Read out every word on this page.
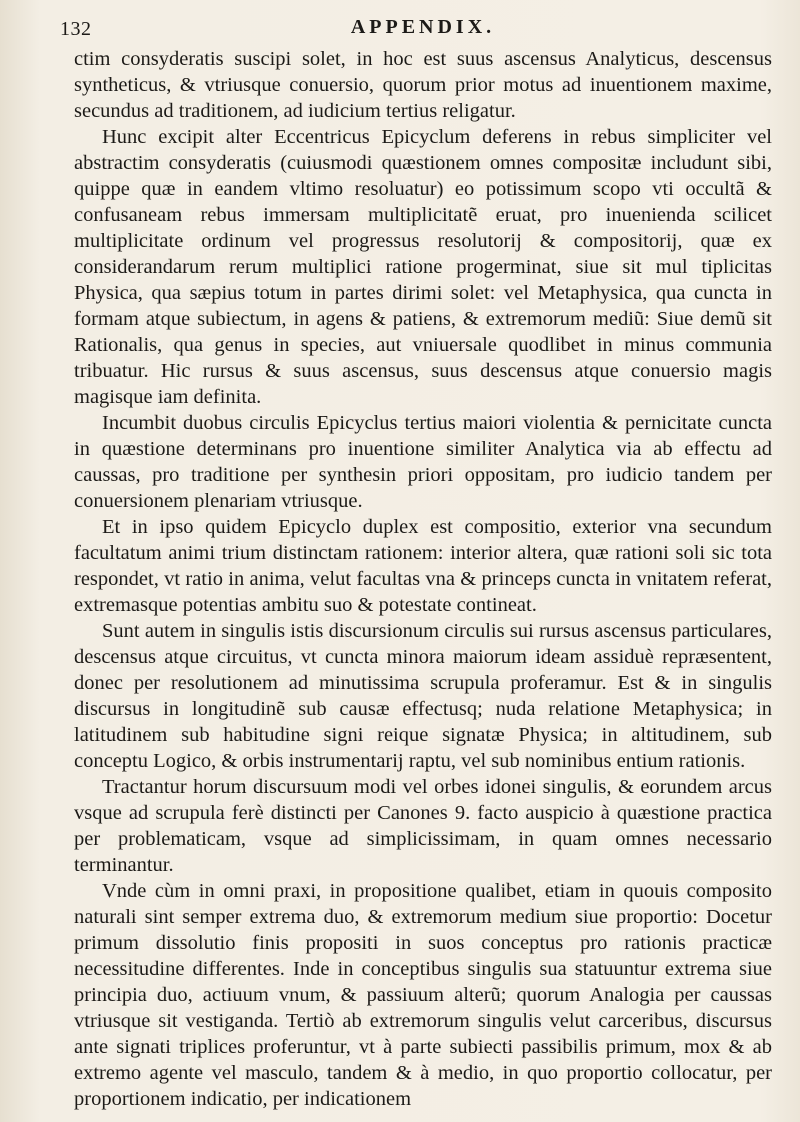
132	APPENDIX.

ctim consyderatis suscipi solet, in hoc est suus ascensus Analyticus, descensus syntheticus, & vtriusque conuersio, quorum prior motus ad inuentionem maxime, secundus ad traditionem, ad iudicium tertius religatur.

Hunc excipit alter Eccentricus Epicyclum deferens in rebus simpliciter vel abstractim consyderatis (cuiusmodi quæstionem omnes compositæ includunt sibi, quippe quæ in eandem vltimo resoluatur) eo potissimum scopo vti occultã & confusaneam rebus immersam multiplicitatẽ eruat, pro inuenienda scilicet multiplicitate ordinum vel progressus resolutorij & compositorij, quæ ex considerandarum rerum multiplici ratione progerminat, siue sit mul tiplicitas Physica, qua sæpius totum in partes dirimi solet: vel Metaphysica, qua cuncta in formam atque subiectum, in agens & patiens, & extremorum mediũ: Siue demũ sit Rationalis, qua genus in species, aut vniuersale quodlibet in minus communia tribuatur. Hic rursus & suus ascensus, suus descensus atque conuersio magis magisque iam definita.

Incumbit duobus circulis Epicyclus tertius maiori violentia & pernicitate cuncta in quæstione determinans pro inuentione similiter Analytica via ab effectu ad caussas, pro traditione per synthesin priori oppositam, pro iudicio tandem per conuersionem plenariam vtriusque.

Et in ipso quidem Epicyclo duplex est compositio, exterior vna secundum facultatum animi trium distinctam rationem: interior altera, quæ rationi soli sic tota respondet, vt ratio in anima, velut facultas vna & princeps cuncta in vnitatem referat, extremasque potentias ambitu suo & potestate contineat.

Sunt autem in singulis istis discursionum circulis sui rursus ascensus particulares, descensus atque circuitus, vt cuncta minora maiorum ideam assiduè repræsentent, donec per resolutionem ad minutissima scrupula proferamur. Est & in singulis discursus in longitudinẽ sub causæ effectusq; nuda relatione Metaphysica; in latitudinem sub habitudine signi reique signatæ Physica; in altitudinem, sub conceptu Logico, & orbis instrumentarij raptu, vel sub nominibus entium rationis.

Tractantur horum discursuum modi vel orbes idonei singulis, & eorundem arcus vsque ad scrupula ferè distincti per Canones 9. facto auspicio à quæstione practica per problematicam, vsque ad simplicissimam, in quam omnes necessario terminantur.

Vnde cùm in omni praxi, in propositione qualibet, etiam in quouis composito naturali sint semper extrema duo, & extremorum medium siue proportio: Docetur primum dissolutio finis propositi in suos conceptus pro rationis practicæ necessitudine differentes. Inde in conceptibus singulis sua statuuntur extrema siue principia duo, actiuum vnum, & passiuum alterũ; quorum Analogia per caussas vtriusque sit vestiganda. Tertiò ab extremorum singulis velut carceribus, discursus ante signati triplices proferuntur, vt à parte subiecti passibilis primum, mox & ab extremo agente vel masculo, tandem & à medio, in quo proportio collocatur, per proportionem indicatio, per indicationem
